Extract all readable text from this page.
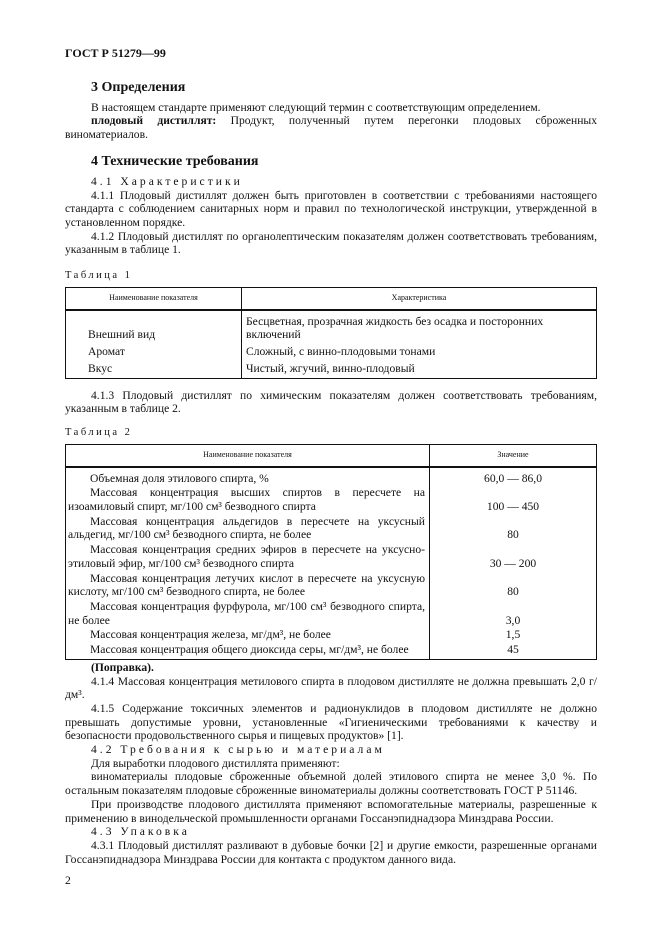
ГОСТ Р 51279—99
3 Определения

В настоящем стандарте применяют следующий термин с соответствующим определением.

плодовый дистиллят: Продукт, полученный путем перегонки плодовых сброженных виноматериалов.

4 Технические требования

4.1 Характеристики

4.1.1 Плодовый дистиллят должен быть приготовлен в соответствии с требованиями настоящего стандарта с соблюдением санитарных норм и правил по технологической инструкции, утвержденной в установленном порядке.

4.1.2 Плодовый дистиллят по органолептическим показателям должен соответствовать требованиям, указанным в таблице 1.

Таблица 1
Наименование показателя	Характеристика
Внешний вид	Бесцветная, прозрачная жидкость без осадка и посторонних включений
Аромат	Сложный, с винно-плодовыми тонами
Вкус	Чистый, жгучий, винно-плодовый

4.1.3 Плодовый дистиллят по химическим показателям должен соответствовать требованиям, указанным в таблице 2.

Таблица 2
Наименование показателя	Значение
Объемная доля этилового спирта, %	60,0 — 86,0
Массовая концентрация высших спиртов в пересчете на изоамиловый спирт, мг/100 см³ безводного спирта	100 — 450
Массовая концентрация альдегидов в пересчете на уксусный альдегид, мг/100 см³ безводного спирта, не более	80
Массовая концентрация средних эфиров в пересчете на уксусно-этиловый эфир, мг/100 см³ безводного спирта	30 — 200
Массовая концентрация летучих кислот в пересчете на уксусную кислоту, мг/100 см³ безводного спирта, не более	80
Массовая концентрация фурфурола, мг/100 см³ безводного спирта, не более	3,0
Массовая концентрация железа, мг/дм³, не более	1,5
Массовая концентрация общего диоксида серы, мг/дм³, не более	45

(Поправка).

4.1.4 Массовая концентрация метилового спирта в плодовом дистилляте не должна превышать 2,0 г/дм³.

4.1.5 Содержание токсичных элементов и радионуклидов в плодовом дистилляте не должно превышать допустимые уровни, установленные «Гигиеническими требованиями к качеству и безопасности продовольственного сырья и пищевых продуктов» [1].

4.2 Требования к сырью и материалам

Для выработки плодового дистиллята применяют:

виноматериалы плодовые сброженные объемной долей этилового спирта не менее 3,0 %. По остальным показателям плодовые сброженные виноматериалы должны соответствовать ГОСТ Р 51146.

При производстве плодового дистиллята применяют вспомогательные материалы, разрешенные к применению в винодельческой промышленности органами Госсанэпиднадзора Минздрава России.

4.3 Упаковка

4.3.1 Плодовый дистиллят разливают в дубовые бочки [2] и другие емкости, разрешенные органами Госсанэпиднадзора Минздрава России для контакта с продуктом данного вида.

2
